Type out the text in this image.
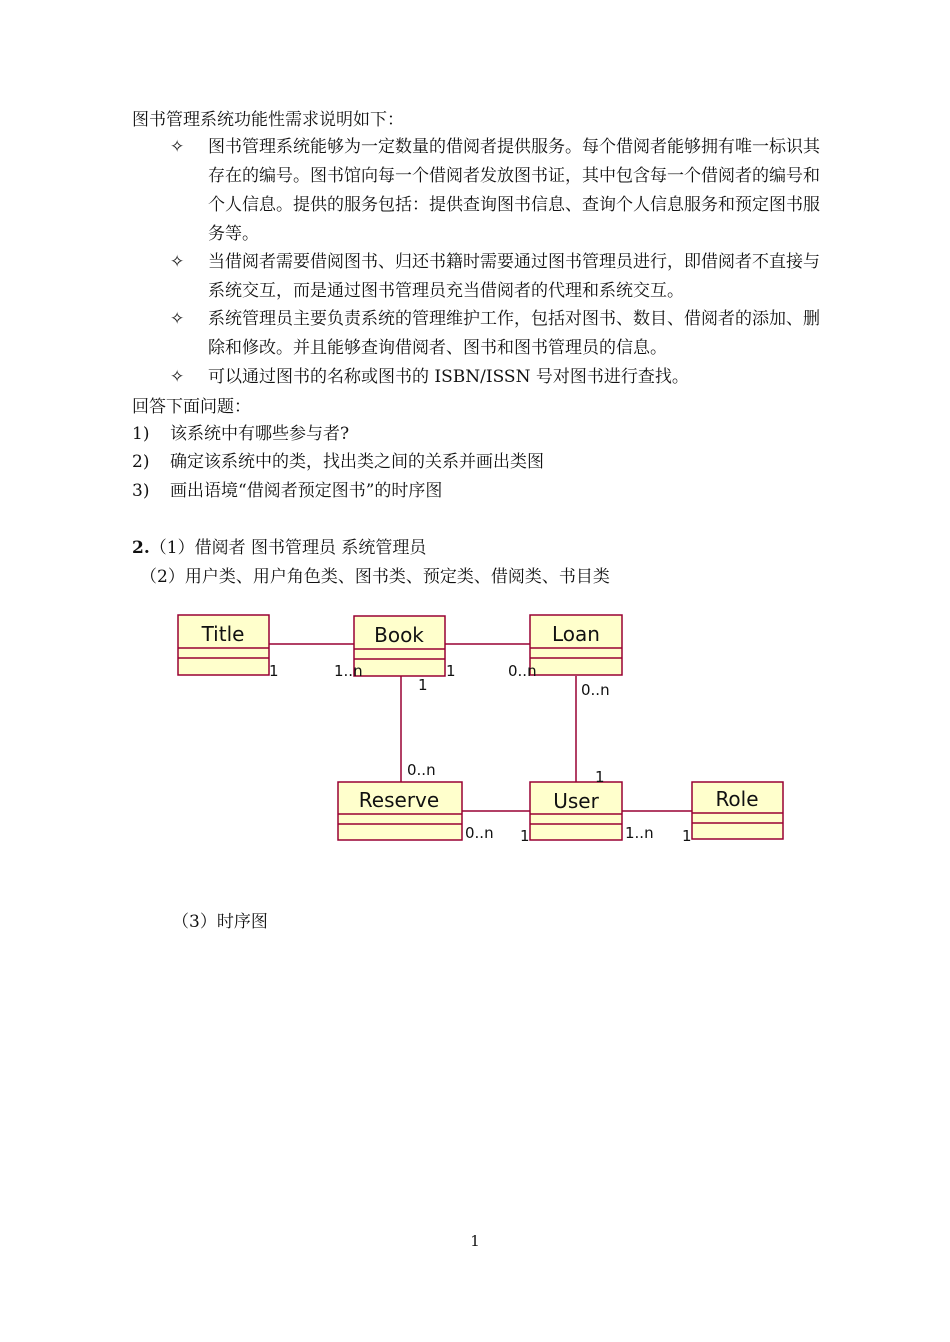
图书管理系统功能性需求说明如下：
✧ 图书管理系统能够为一定数量的借阅者提供服务。每个借阅者能够拥有唯一标识其存在的编号。图书馆向每一个借阅者发放图书证，其中包含每一个借阅者的编号和个人信息。提供的服务包括：提供查询图书信息、查询个人信息服务和预定图书服务等。
✧ 当借阅者需要借阅图书、归还书籍时需要通过图书管理员进行，即借阅者不直接与系统交互，而是通过图书管理员充当借阅者的代理和系统交互。
✧ 系统管理员主要负责系统的管理维护工作，包括对图书、数目、借阅者的添加、删除和修改。并且能够查询借阅者、图书和图书管理员的信息。
✧ 可以通过图书的名称或图书的 ISBN/ISSN 号对图书进行查找。
回答下面问题：
1) 该系统中有哪些参与者?
2) 确定该系统中的类，找出类之间的关系并画出类图
3) 画出语境“借阅者预定图书”的时序图
2.（1）借阅者 图书管理员 系统管理员
（2）用户类、用户角色类、图书类、预定类、借阅类、书目类
Title	Book	Loan
Reserve	User	Role
1	1..n	1	0..n
1
0..n
0..n
1
0..n 1	1..n 1
（3）时序图
1
